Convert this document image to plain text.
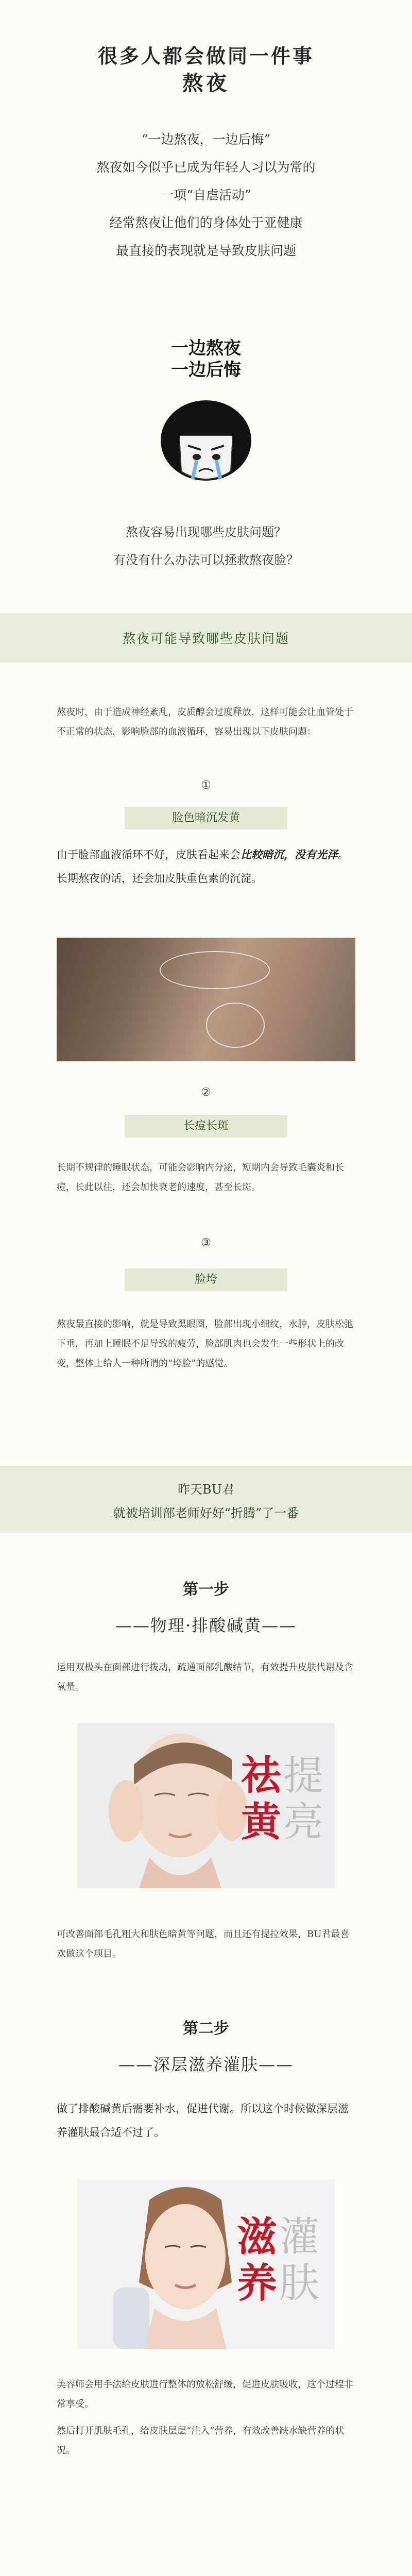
很多人都会做同一件事
熬夜
“一边熬夜，一边后悔”
熬夜如今似乎已成为年轻人习以为常的
一项“自虐活动”
经常熬夜让他们的身体处于亚健康
最直接的表现就是导致皮肤问题
一边熬夜
一边后悔
熬夜容易出现哪些皮肤问题？
有没有什么办法可以拯救熬夜脸？
熬夜可能导致哪些皮肤问题
熬夜时，由于造成神经紊乱，皮质醇会过度释放，这样可能会让血管处于不正常的状态，影响脸部的血液循环，容易出现以下皮肤问题：
①
脸色暗沉发黄
由于脸部血液循环不好，皮肤看起来会比较暗沉，没有光泽。长期熬夜的话，还会加皮肤重色素的沉淀。
②
长痘长斑
长期不规律的睡眠状态，可能会影响内分泌，短期内会导致毛囊炎和长痘，长此以往，还会加快衰老的速度，甚至长斑。
③
脸垮
熬夜最直接的影响，就是导致黑眼圈，脸部出现小细纹，水肿，皮肤松弛下垂，再加上睡眠不足导致的疲劳，脸部肌肉也会发生一些形状上的改变，整体上给人一种所谓的“垮脸”的感觉。
昨天BU君
就被培训部老师好好“折腾”了一番
第一步
——物理·排酸碱黄——
运用双极头在面部进行拨动，疏通面部乳酸结节，有效提升皮肤代谢及含氧量。
祛
黄
提
亮
可改善面部毛孔粗大和肤色暗黄等问题，而且还有提拉效果，BU君最喜欢做这个项目。
第二步
——深层滋养灌肤——
做了排酸碱黄后需要补水，促进代谢。所以这个时候做深层滋养灌肤最合适不过了。
滋
养
灌
肤
美容师会用手法给皮肤进行整体的放松舒缓，促进皮肤吸收，这个过程非常享受。
然后打开肌肤毛孔，给皮肤层层“注入”营养，有效改善缺水缺营养的状况。
